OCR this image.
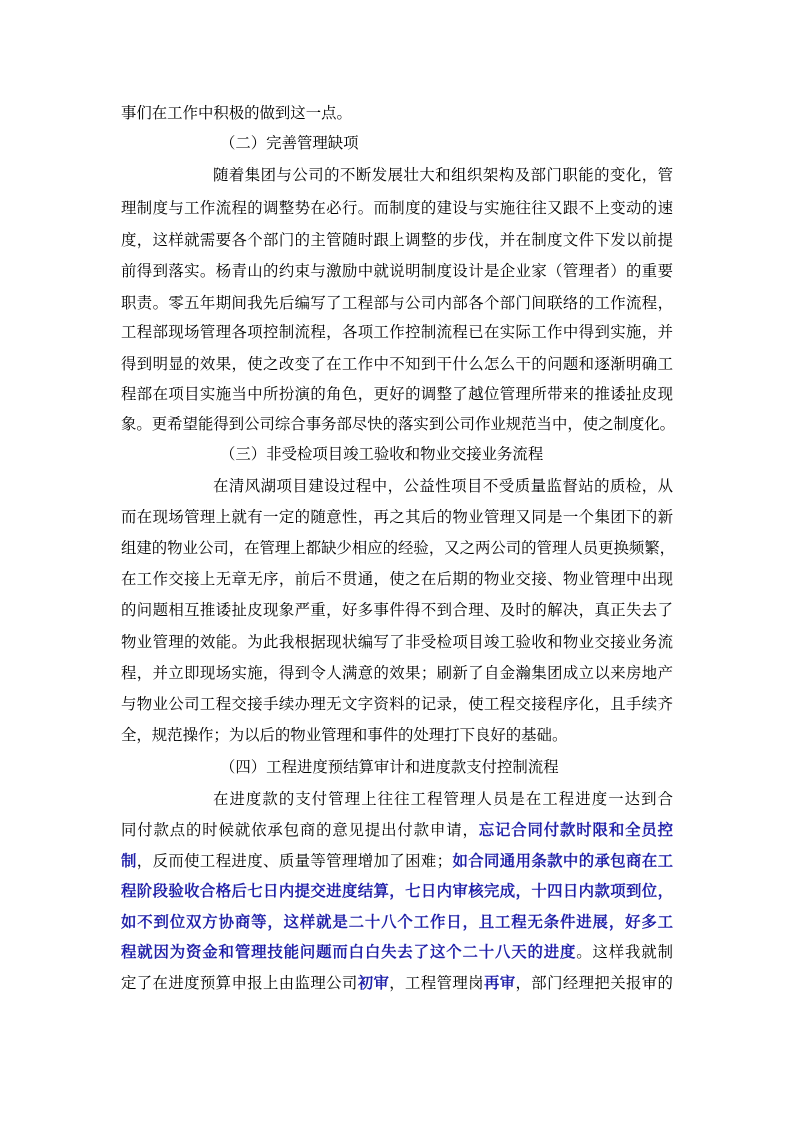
事们在工作中积极的做到这一点。
（二）完善管理缺项
随着集团与公司的不断发展壮大和组织架构及部门职能的变化，管
理制度与工作流程的调整势在必行。而制度的建设与实施往往又跟不上变动的速
度，这样就需要各个部门的主管随时跟上调整的步伐，并在制度文件下发以前提
前得到落实。杨青山的约束与激励中就说明制度设计是企业家（管理者）的重要
职责。零五年期间我先后编写了工程部与公司内部各个部门间联络的工作流程，
工程部现场管理各项控制流程，各项工作控制流程已在实际工作中得到实施，并
得到明显的效果，使之改变了在工作中不知到干什么怎么干的问题和逐渐明确工
程部在项目实施当中所扮演的角色，更好的调整了越位管理所带来的推诿扯皮现
象。更希望能得到公司综合事务部尽快的落实到公司作业规范当中，使之制度化。
（三）非受检项目竣工验收和物业交接业务流程
在清风湖项目建设过程中，公益性项目不受质量监督站的质检，从
而在现场管理上就有一定的随意性，再之其后的物业管理又同是一个集团下的新
组建的物业公司，在管理上都缺少相应的经验，又之两公司的管理人员更换频繁，
在工作交接上无章无序，前后不贯通，使之在后期的物业交接、物业管理中出现
的问题相互推诿扯皮现象严重，好多事件得不到合理、及时的解决，真正失去了
物业管理的效能。为此我根据现状编写了非受检项目竣工验收和物业交接业务流
程，并立即现场实施，得到令人满意的效果；刷新了自金瀚集团成立以来房地产
与物业公司工程交接手续办理无文字资料的记录，使工程交接程序化，且手续齐
全，规范操作；为以后的物业管理和事件的处理打下良好的基础。
（四）工程进度预结算审计和进度款支付控制流程
在进度款的支付管理上往往工程管理人员是在工程进度一达到合
同付款点的时候就依承包商的意见提出付款申请，忘记合同付款时限和全员控
制，反而使工程进度、质量等管理增加了困难；如合同通用条款中的承包商在工
程阶段验收合格后七日内提交进度结算，七日内审核完成，十四日内款项到位，
如不到位双方协商等，这样就是二十八个工作日，且工程无条件进展，好多工
程就因为资金和管理技能问题而白白失去了这个二十八天的进度。这样我就制
定了在进度预算申报上由监理公司初审，工程管理岗再审，部门经理把关报审的
